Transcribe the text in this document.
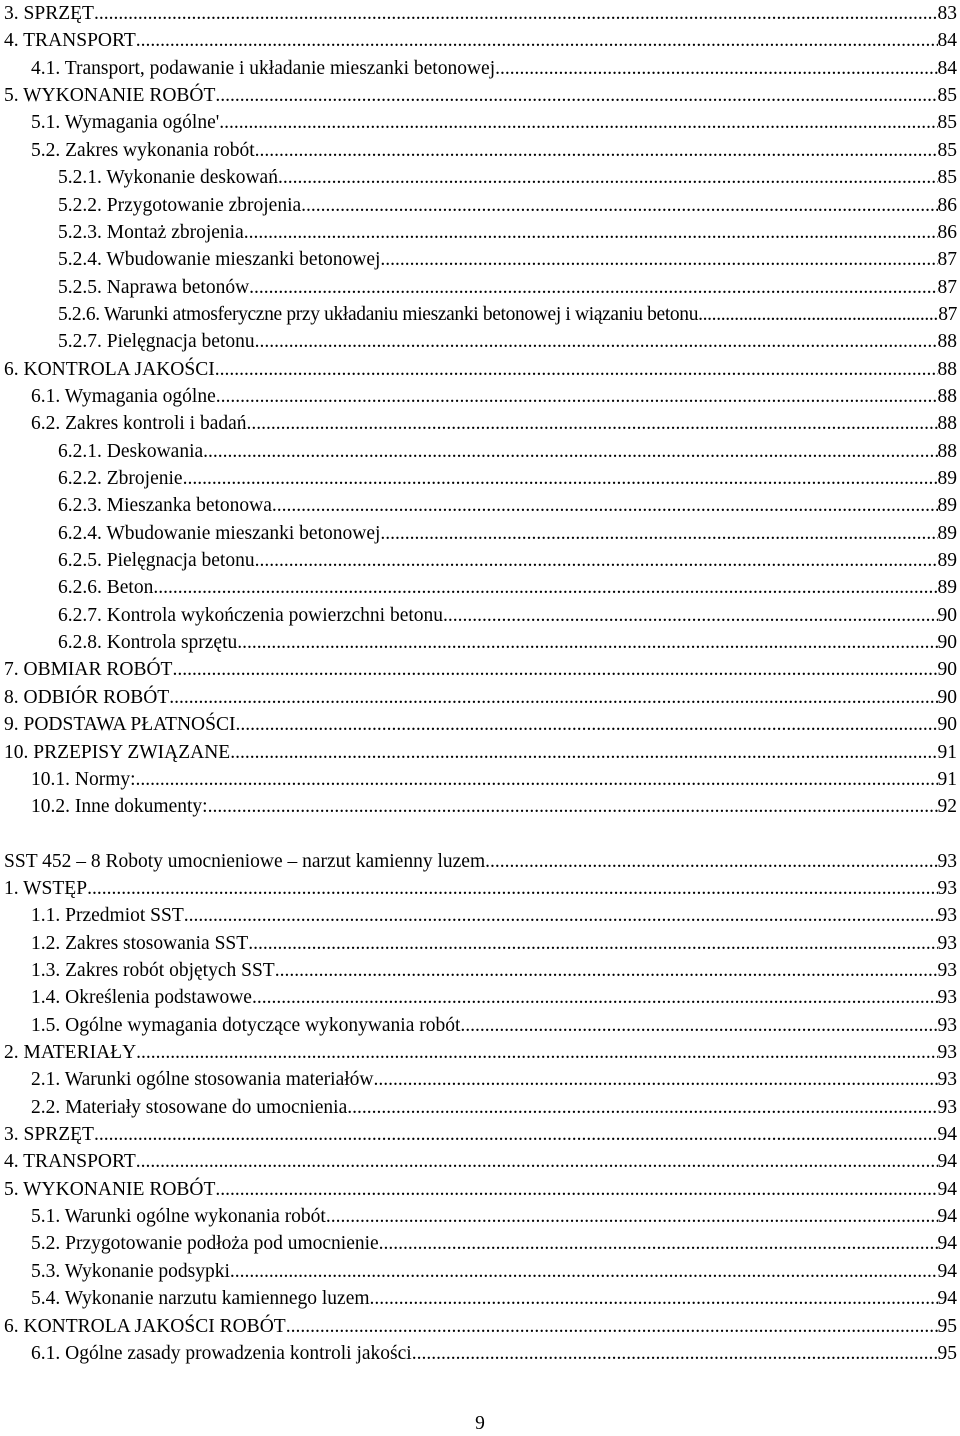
3. SPRZĘT .....	83
4. TRANSPORT .....	84
4.1. Transport, podawanie i układanie mieszanki betonowej .....	84
5. WYKONANIE ROBÓT .....	85
5.1. Wymagania ogólne' .....	85
5.2. Zakres wykonania robót .....	85
5.2.1. Wykonanie deskowań .....	85
5.2.2. Przygotowanie zbrojenia .....	86
5.2.3. Montaż zbrojenia .....	86
5.2.4. Wbudowanie mieszanki betonowej .....	87
5.2.5. Naprawa betonów .....	87
5.2.6. Warunki atmosferyczne przy układaniu mieszanki betonowej i wiązaniu betonu .....	87
5.2.7. Pielęgnacja betonu .....	88
6. KONTROLA JAKOŚCI .....	88
6.1. Wymagania ogólne .....	88
6.2. Zakres kontroli i badań .....	88
6.2.1. Deskowania .....	88
6.2.2. Zbrojenie .....	89
6.2.3. Mieszanka betonowa .....	89
6.2.4. Wbudowanie mieszanki betonowej .....	89
6.2.5. Pielęgnacja betonu .....	89
6.2.6. Beton .....	89
6.2.7. Kontrola wykończenia powierzchni betonu .....	90
6.2.8. Kontrola sprzętu .....	90
7. OBMIAR ROBÓT .....	90
8. ODBIÓR ROBÓT .....	90
9. PODSTAWA PŁATNOŚCI .....	90
10. PRZEPISY ZWIĄZANE .....	91
10.1. Normy: .....	91
10.2. Inne dokumenty: .....	92
SST 452 – 8 Roboty umocnieniowe – narzut kamienny luzem .....	93
1. WSTĘP .....	93
1.1. Przedmiot SST .....	93
1.2. Zakres stosowania SST .....	93
1.3. Zakres robót objętych SST .....	93
1.4. Określenia podstawowe .....	93
1.5. Ogólne wymagania dotyczące wykonywania robót .....	93
2. MATERIAŁY .....	93
2.1. Warunki ogólne stosowania materiałów .....	93
2.2. Materiały stosowane do umocnienia .....	93
3. SPRZĘT .....	94
4. TRANSPORT .....	94
5. WYKONANIE ROBÓT .....	94
5.1. Warunki ogólne wykonania robót .....	94
5.2. Przygotowanie podłoża pod umocnienie .....	94
5.3. Wykonanie podsypki .....	94
5.4. Wykonanie narzutu kamiennego luzem .....	94
6. KONTROLA JAKOŚCI ROBÓT .....	95
6.1. Ogólne zasady prowadzenia kontroli jakości .....	95
9
